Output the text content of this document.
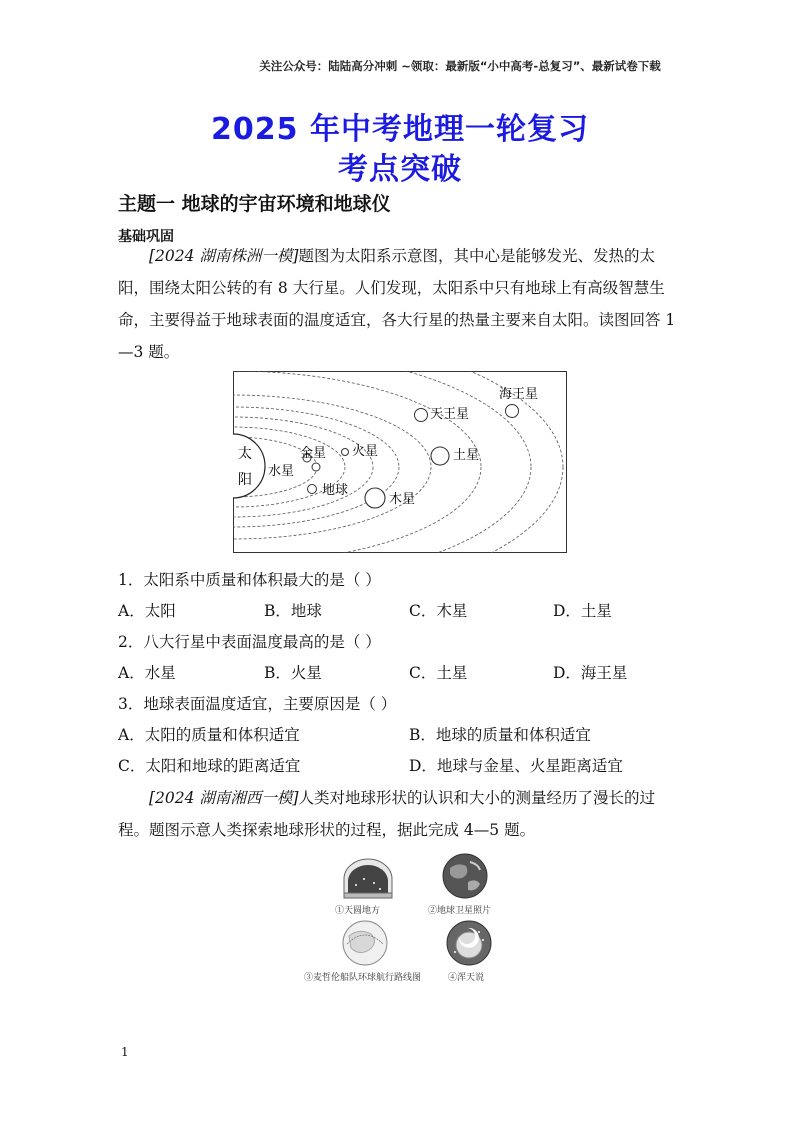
关注公众号：陆陆高分冲刺 ~领取：最新版“小中高考-总复习”、最新试卷下载
2025 年中考地理一轮复习
考点突破
主题一 地球的宇宙环境和地球仪
基础巩固
[2024 湖南株洲一模]题图为太阳系示意图，其中心是能够发光、发热的太阳，围绕太阳公转的有 8 大行星。人们发现，太阳系中只有地球上有高级智慧生命，主要得益于地球表面的温度适宜，各大行星的热量主要来自太阳。读图回答 1—3 题。
太
阳
水星
金星
地球
火星
木星
土星
天王星
海王星
1．太阳系中质量和体积最大的是（ ）
A．太阳	B．地球	C．木星	D．土星
2．八大行星中表面温度最高的是（ ）
A．水星	B．火星	C．土星	D．海王星
3．地球表面温度适宜，主要原因是（ ）
A．太阳的质量和体积适宜	B．地球的质量和体积适宜
C．太阳和地球的距离适宜	D．地球与金星、火星距离适宜
[2024 湖南湘西一模]人类对地球形状的认识和大小的测量经历了漫长的过程。题图示意人类探索地球形状的过程，据此完成 4—5 题。
①天圆地方	②地球卫星照片
③麦哲伦船队环球航行路线图	④浑天说
1
